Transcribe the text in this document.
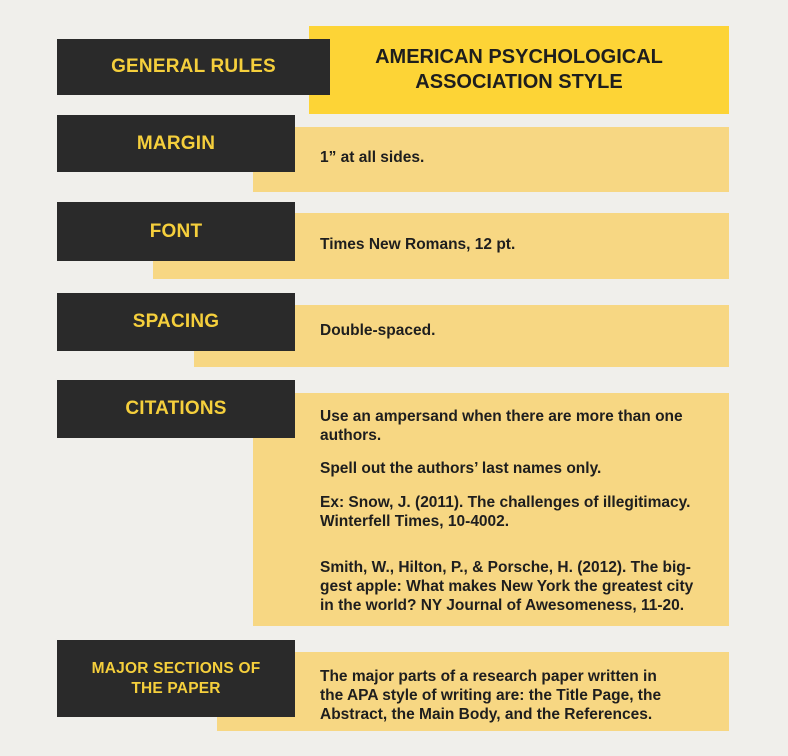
AMERICAN PSYCHOLOGICAL
ASSOCIATION STYLE
GENERAL RULES
MARGIN
1” at all sides.
FONT
Times New Romans, 12 pt.
SPACING	Double-spaced.
CITATIONS	Use an ampersand when there are more than one
authors.
Spell out the authors’ last names only.
Ex: Snow, J. (2011). The challenges of illegitimacy.
Winterfell Times, 10-4002.
Smith, W., Hilton, P., & Porsche, H. (2012). The big-
gest apple: What makes New York the greatest city
in the world? NY Journal of Awesomeness, 11-20.
MAJOR SECTIONS OF
THE PAPER
The major parts of a research paper written in
the APA style of writing are: the Title Page, the
Abstract, the Main Body, and the References.
